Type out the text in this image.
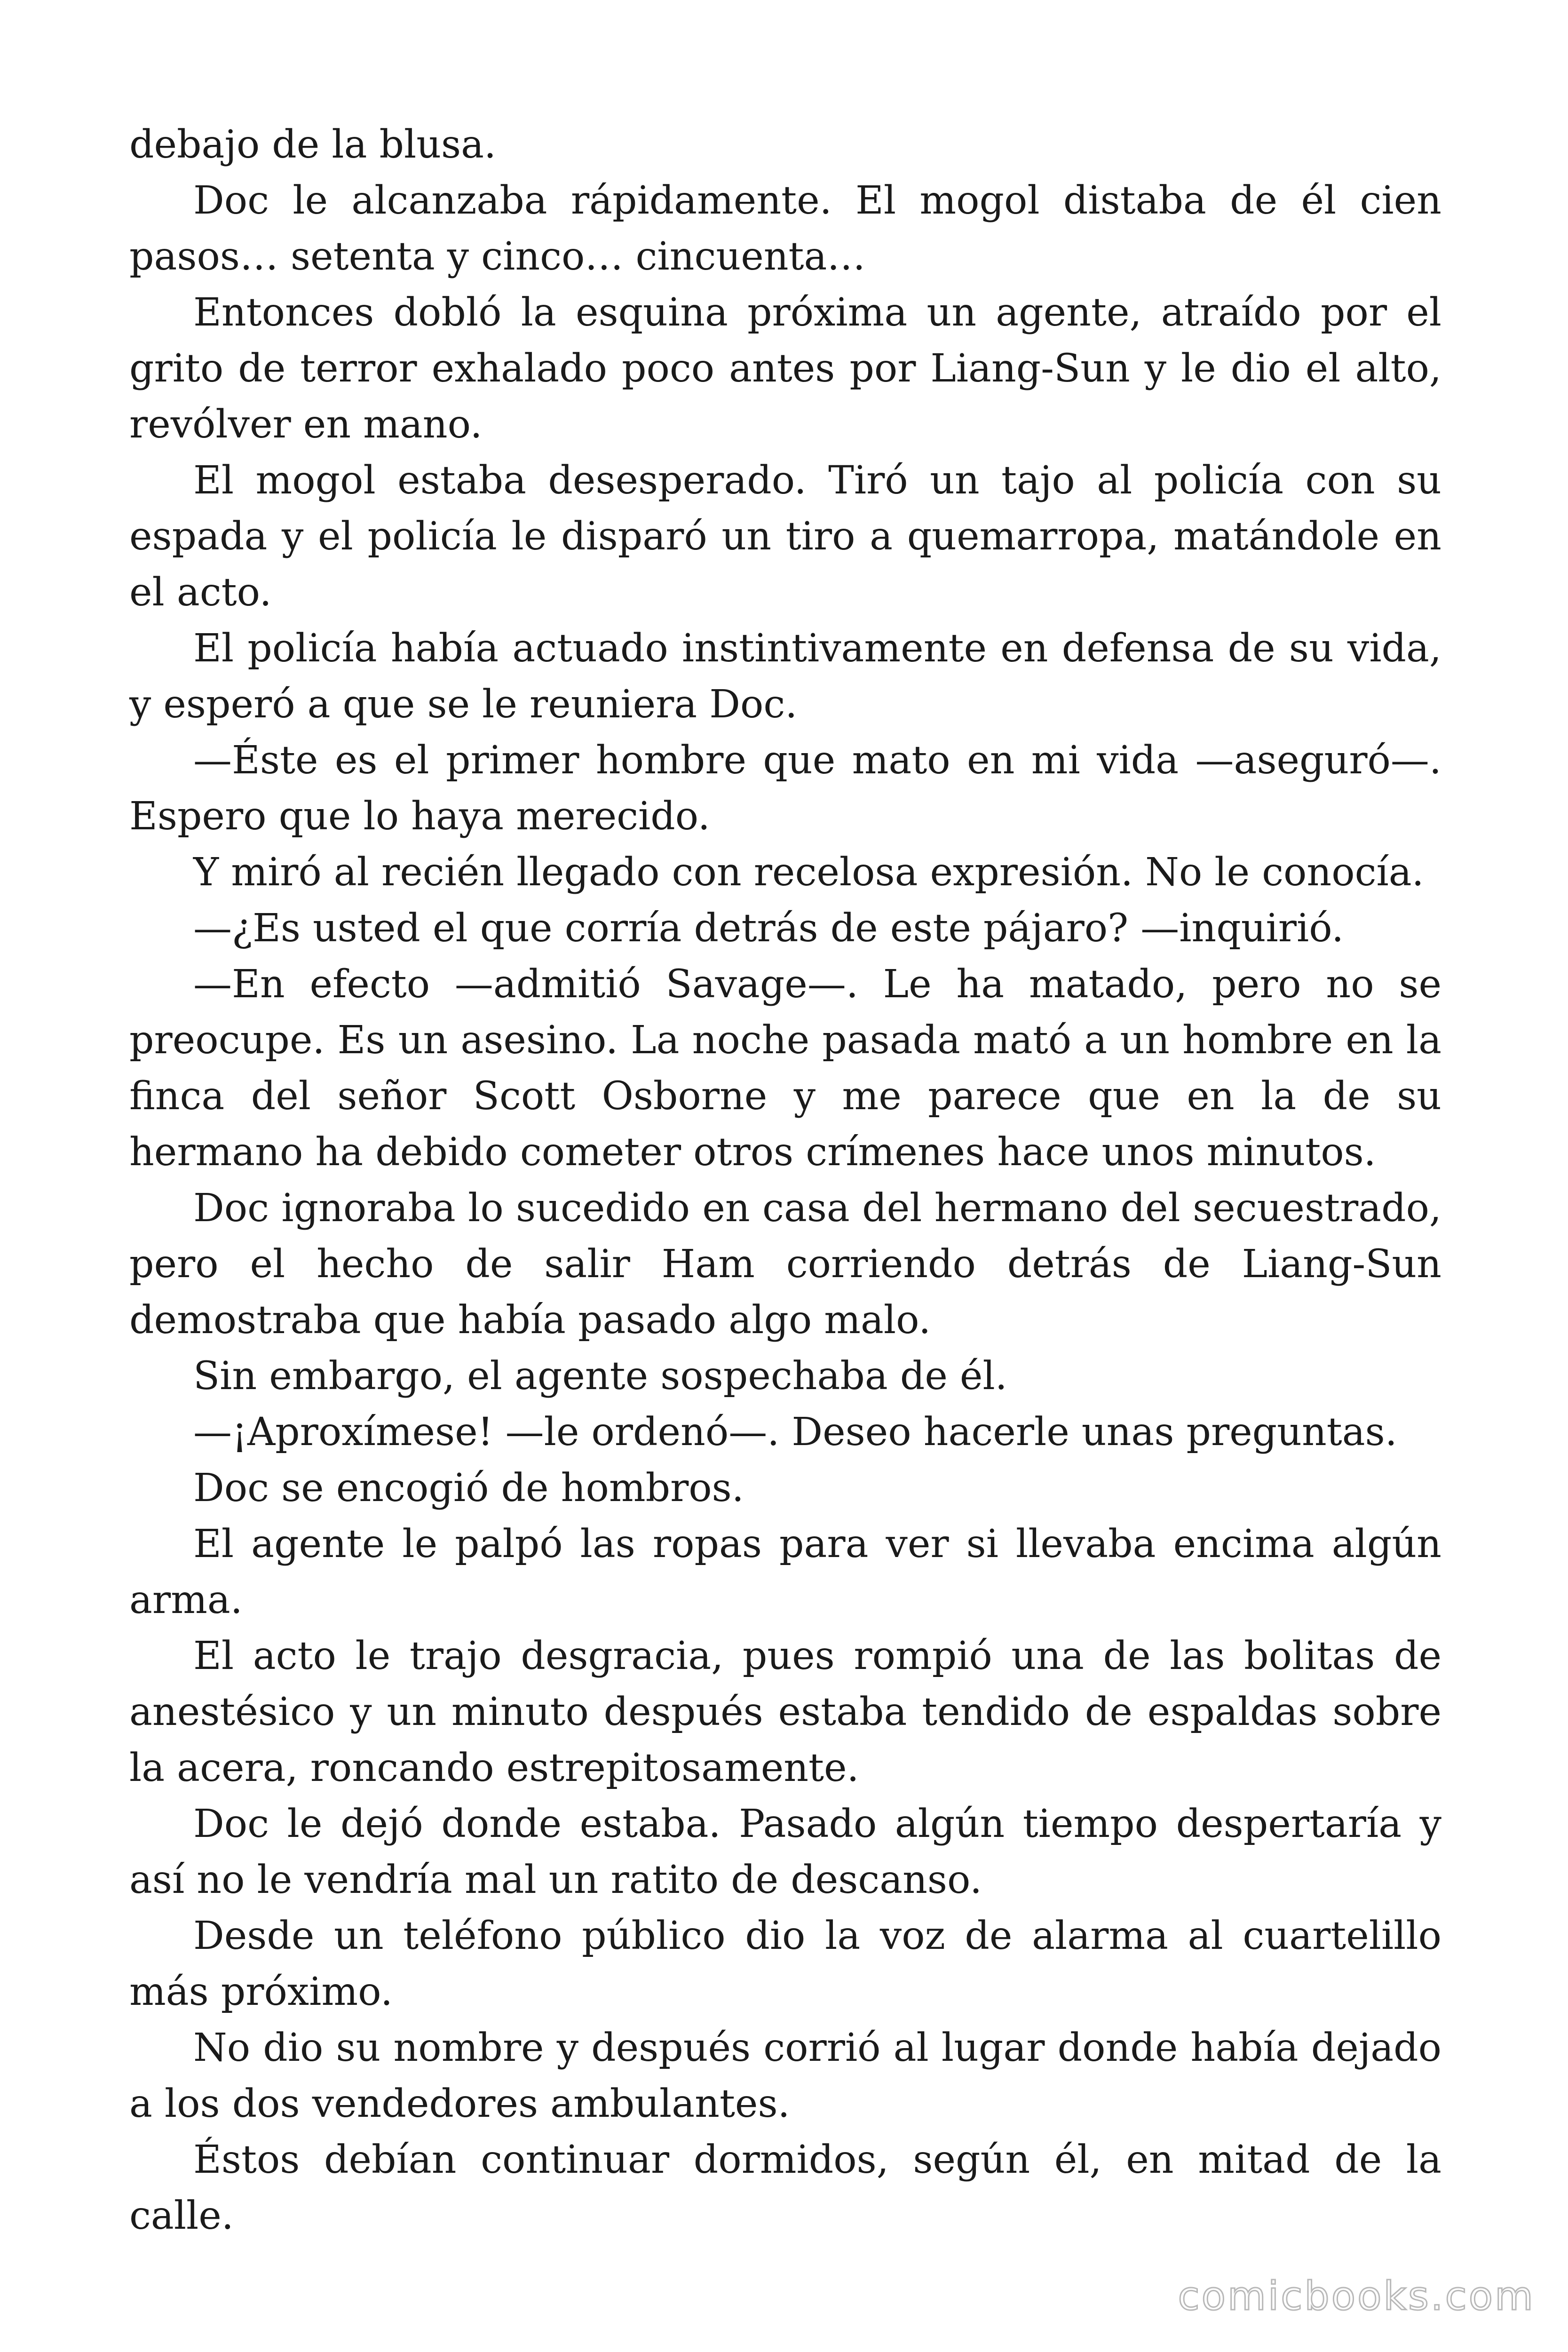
debajo de la blusa.

Doc le alcanzaba rápidamente. El mogol distaba de él cien pasos… setenta y cinco… cincuenta…

Entonces dobló la esquina próxima un agente, atraído por el grito de terror exhalado poco antes por Liang-Sun y le dio el alto, revólver en mano.

El mogol estaba desesperado. Tiró un tajo al policía con su espada y el policía le disparó un tiro a quemarropa, matándole en el acto.

El policía había actuado instintivamente en defensa de su vida, y esperó a que se le reuniera Doc.

—Éste es el primer hombre que mato en mi vida —aseguró—. Espero que lo haya merecido.

Y miró al recién llegado con recelosa expresión. No le conocía.

—¿Es usted el que corría detrás de este pájaro? —inquirió.

—En efecto —admitió Savage—. Le ha matado, pero no se preocupe. Es un asesino. La noche pasada mató a un hombre en la finca del señor Scott Osborne y me parece que en la de su hermano ha debido cometer otros crímenes hace unos minutos.

Doc ignoraba lo sucedido en casa del hermano del secuestrado, pero el hecho de salir Ham corriendo detrás de Liang-Sun demostraba que había pasado algo malo.

Sin embargo, el agente sospechaba de él.

—¡Aproxímese! —le ordenó—. Deseo hacerle unas preguntas.

Doc se encogió de hombros.

El agente le palpó las ropas para ver si llevaba encima algún arma.

El acto le trajo desgracia, pues rompió una de las bolitas de anestésico y un minuto después estaba tendido de espaldas sobre la acera, roncando estrepitosamente.

Doc le dejó donde estaba. Pasado algún tiempo despertaría y así no le vendría mal un ratito de descanso.

Desde un teléfono público dio la voz de alarma al cuartelillo más próximo.

No dio su nombre y después corrió al lugar donde había dejado a los dos vendedores ambulantes.

Éstos debían continuar dormidos, según él, en mitad de la calle.

comicbooks.com
